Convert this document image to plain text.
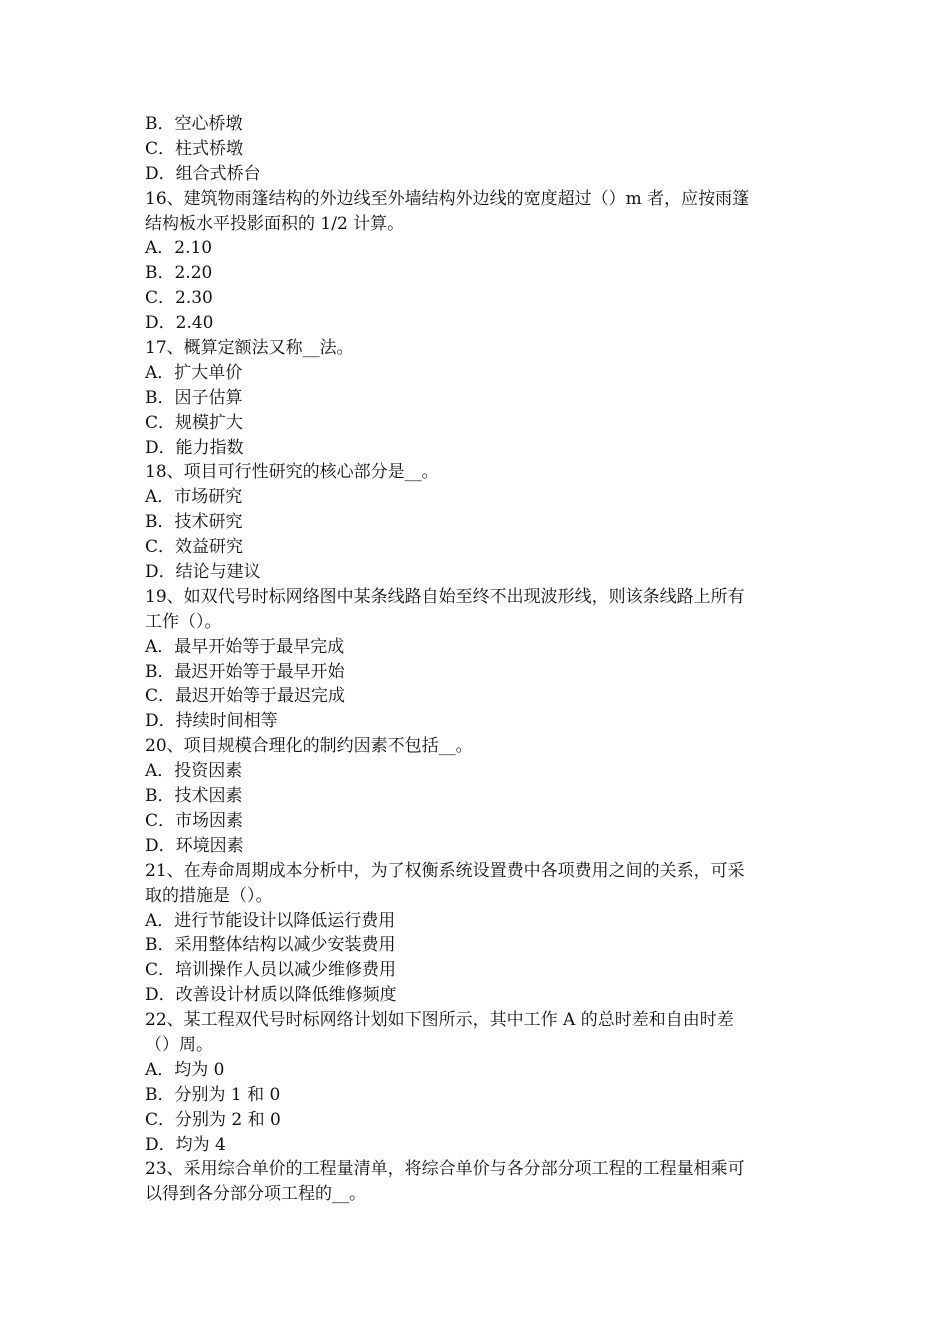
B．空心桥墩
C．柱式桥墩
D．组合式桥台
16、建筑物雨篷结构的外边线至外墙结构外边线的宽度超过（）m 者，应按雨篷
结构板水平投影面积的 1/2 计算。
A．2.10
B．2.20
C．2.30
D．2.40
17、概算定额法又称__法。
A．扩大单价
B．因子估算
C．规模扩大
D．能力指数
18、项目可行性研究的核心部分是__。
A．市场研究
B．技术研究
C．效益研究
D．结论与建议
19、如双代号时标网络图中某条线路自始至终不出现波形线，则该条线路上所有
工作（）。
A．最早开始等于最早完成
B．最迟开始等于最早开始
C．最迟开始等于最迟完成
D．持续时间相等
20、项目规模合理化的制约因素不包括__。
A．投资因素
B．技术因素
C．市场因素
D．环境因素
21、在寿命周期成本分析中，为了权衡系统设置费中各项费用之间的关系，可采
取的措施是（）。
A．进行节能设计以降低运行费用
B．采用整体结构以减少安装费用
C．培训操作人员以减少维修费用
D．改善设计材质以降低维修频度
22、某工程双代号时标网络计划如下图所示，其中工作 A 的总时差和自由时差
（）周。
A．均为 0
B．分别为 1 和 0
C．分别为 2 和 0
D．均为 4
23、采用综合单价的工程量清单，将综合单价与各分部分项工程的工程量相乘可
以得到各分部分项工程的__。
